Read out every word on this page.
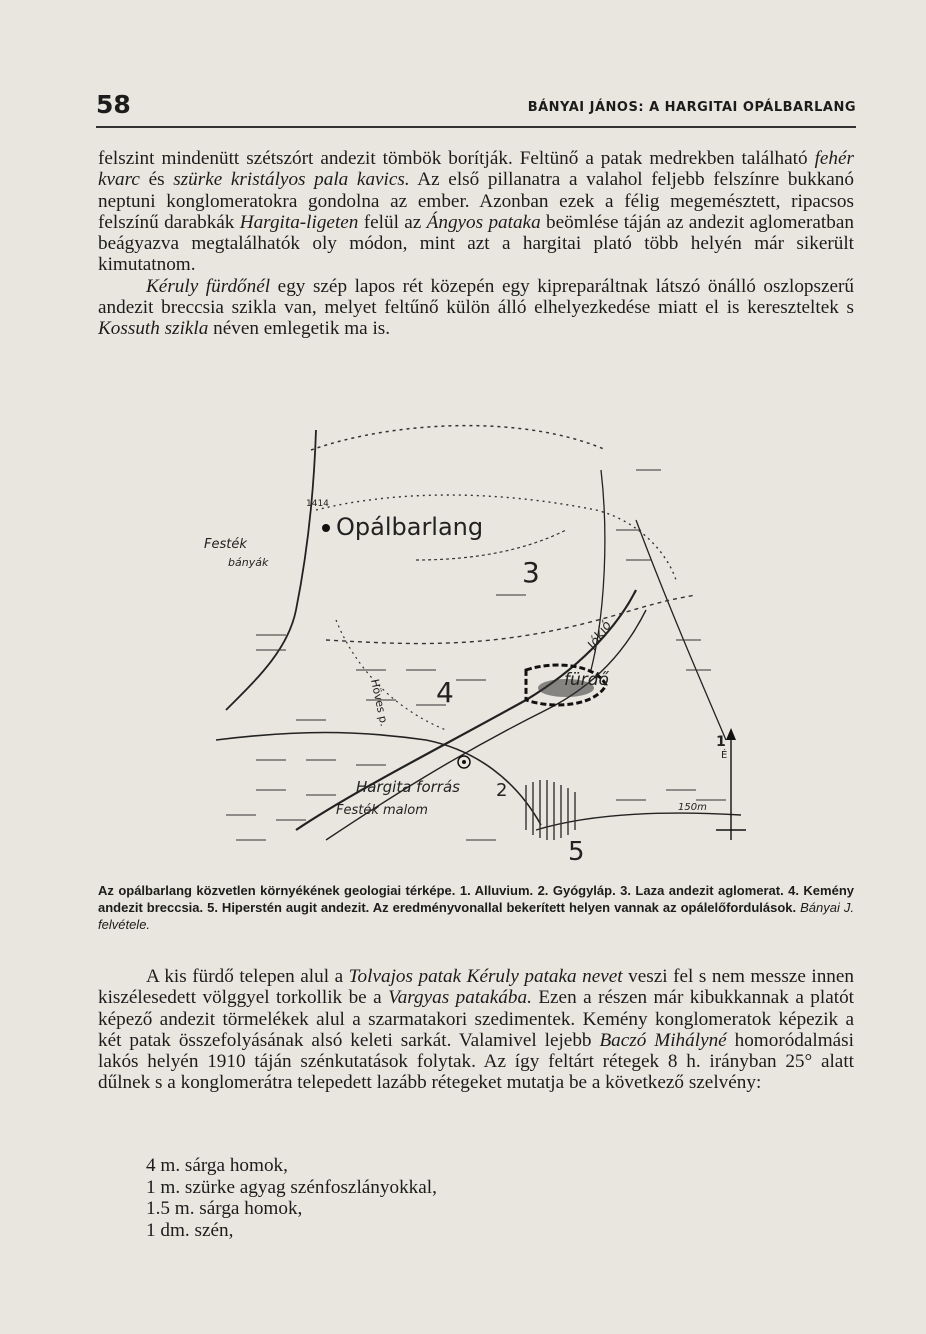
58	BÁNYAI JÁNOS: A HARGITAI OPÁLBARLANG

felszint mindenütt szétszórt andezit tömbök borítják. Feltünő a patak medrekben található fehér kvarc és szürke kristályos pala kavics. Az első pillanatra a valahol feljebb felszínre bukkanó neptuni konglomeratokra gondolna az ember. Azonban ezek a félig megemésztett, ripacsos felszínű darabkák Hargita-ligeten felül az Ángyos pataka beömlése táján az andezit aglomeratban beágyazva megtalálhatók oly módon, mint azt a hargitai plató több helyén már sikerült kimutatnom.

Kéruly fürdőnél egy szép lapos rét közepén egy kipreparáltnak látszó önálló oszlopszerű andezit breccsia szikla van, melyet feltűnő külön álló elhelyezkedése miatt el is kereszteltek s Kossuth szikla néven emlegetik ma is.

Opálbarlang
Festék
bányák
1414
3
4
5
2
1
Jókió
fürdő
Höves p.
Hargita forrás
Festék malom	150m
É
Az opálbarlang közvetlen környékének geologiai térképe. 1. Alluvium. 2. Gyógyláp. 3. Laza andezit aglomerat. 4. Kemény andezit breccsia. 5. Hiperstén augit andezit. Az eredményvonallal bekerített helyen vannak az opálelőfordulások. Bányai J. felvétele.

A kis fürdő telepen alul a Tolvajos patak Kéruly pataka nevet veszi fel s nem messze innen kiszélesedett völggyel torkollik be a Vargyas patakába. Ezen a részen már kibukkannak a platót képező andezit törmelékek alul a szarmatakori szedimentek. Kemény konglomeratok képezik a két patak összefolyásának alsó keleti sarkát. Valamivel lejebb Baczó Mihályné homoródalmási lakós helyén 1910 táján szénkutatások folytak. Az így feltárt rétegek 8 h. irányban 25° alatt dűlnek s a konglomerátra telepedett lazább rétegeket mutatja be a következő szelvény:

4 m. sárga homok,
1 m. szürke agyag szénfoszlányokkal,
1.5 m. sárga homok,
1 dm. szén,
